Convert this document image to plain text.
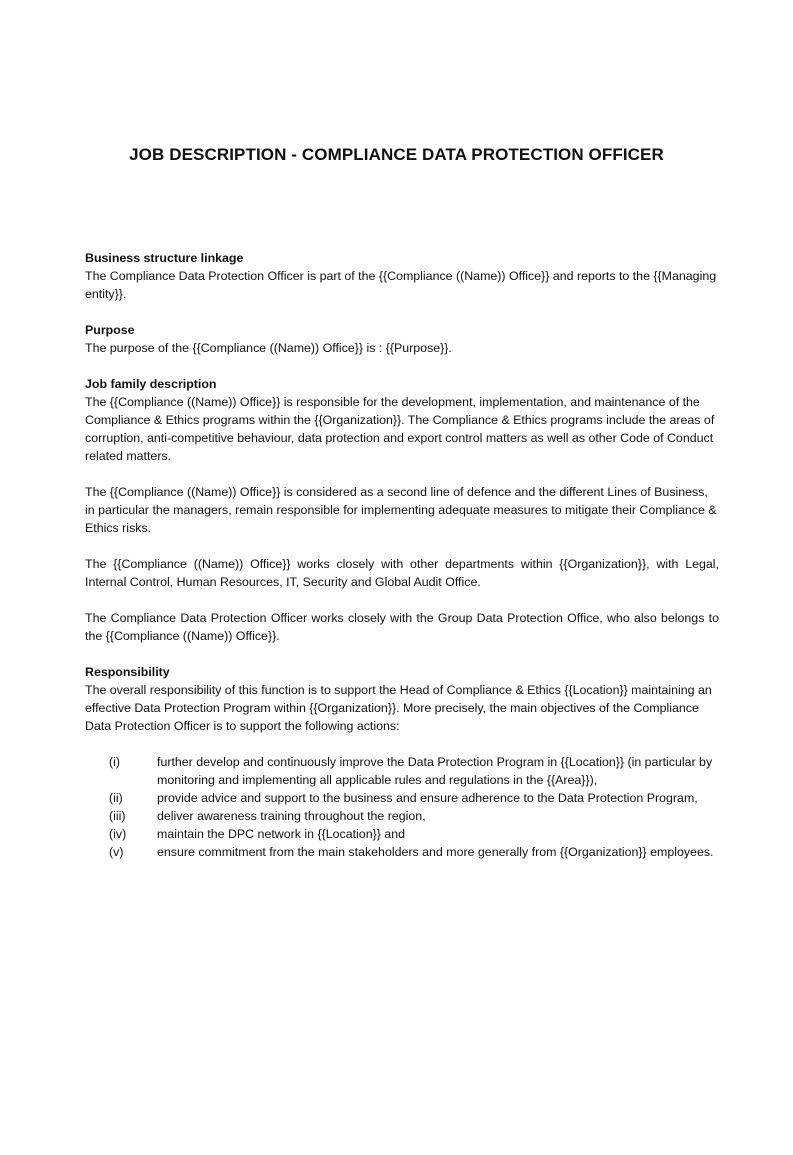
JOB DESCRIPTION - COMPLIANCE DATA PROTECTION OFFICER

Business structure linkage

The Compliance Data Protection Officer is part of the {{Compliance ((Name)) Office}} and reports to the {{Managing entity}}.

Purpose

The purpose of the {{Compliance ((Name)) Office}} is : {{Purpose}}.

Job family description

The {{Compliance ((Name)) Office}} is responsible for the development, implementation, and maintenance of the Compliance & Ethics programs within the {{Organization}}. The Compliance & Ethics programs include the areas of corruption, anti-competitive behaviour, data protection and export control matters as well as other Code of Conduct related matters.

The {{Compliance ((Name)) Office}} is considered as a second line of defence and the different Lines of Business, in particular the managers, remain responsible for implementing adequate measures to mitigate their Compliance & Ethics risks.

The {{Compliance ((Name)) Office}} works closely with other departments within {{Organization}}, with Legal, Internal Control, Human Resources, IT, Security and Global Audit Office.

The Compliance Data Protection Officer works closely with the Group Data Protection Office, who also belongs to the {{Compliance ((Name)) Office}}.

Responsibility

The overall responsibility of this function is to support the Head of Compliance & Ethics {{Location}} maintaining an effective Data Protection Program within {{Organization}}. More precisely, the main objectives of the Compliance Data Protection Officer is to support the following actions:

(i)	further develop and continuously improve the Data Protection Program in {{Location}} (in particular by monitoring and implementing all applicable rules and regulations in the {{Area}}),
(ii)	provide advice and support to the business and ensure adherence to the Data Protection Program,
(iii)	deliver awareness training throughout the region,
(iv) maintain the DPC network in {{Location}} and
(v)	ensure commitment from the main stakeholders and more generally from {{Organization}} employees.
